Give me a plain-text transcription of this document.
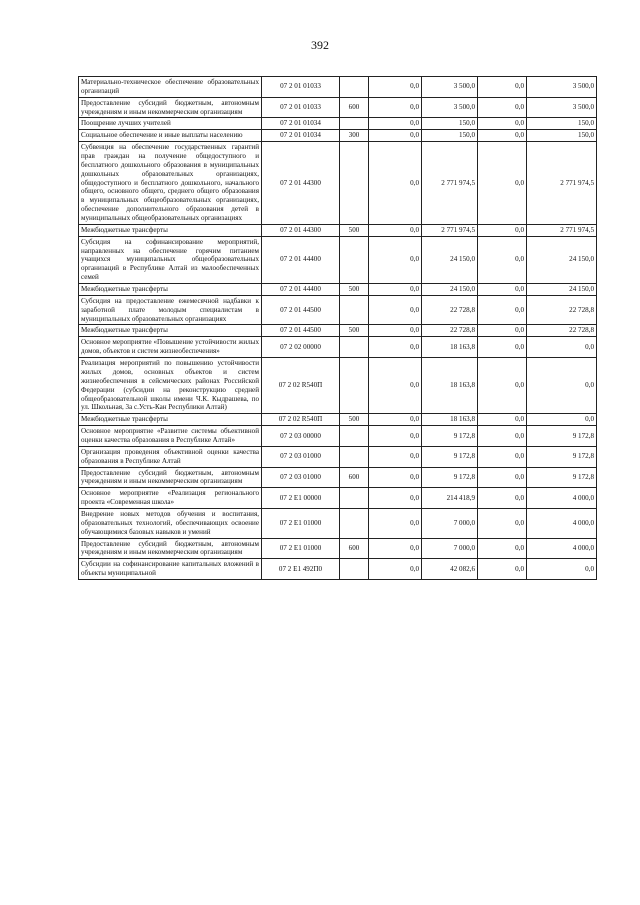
392
Материально-техническое обеспечение образовательных организаций	07 2 01 01033		0,0	3 500,0	0,0	3 500,0
Предоставление субсидий бюджетным, автономным учреждениям и иным некоммерческим организациям	07 2 01 01033	600	0,0	3 500,0	0,0	3 500,0
Поощрение лучших учителей	07 2 01 01034		0,0	150,0	0,0	150,0
Социальное обеспечение и иные выплаты населению	07 2 01 01034	300	0,0	150,0	0,0	150,0
Субвенция на обеспечение государственных гарантий прав граждан на получение общедоступного и бесплатного дошкольного образования в муниципальных дошкольных образовательных организациях, общедоступного и бесплатного дошкольного, начального общего, основного общего, среднего общего образования в муниципальных общеобразовательных организациях, обеспечение дополнительного образования детей в муниципальных общеобразовательных организациях	07 2 01 44300		0,0	2 771 974,5	0,0	2 771 974,5
Межбюджетные трансферты	07 2 01 44300	500	0,0	2 771 974,5	0,0	2 771 974,5
Субсидия на софинансирование мероприятий, направленных на обеспечение горячим питанием учащихся муниципальных общеобразовательных организаций в Республике Алтай из малообеспеченных семей	07 2 01 44400		0,0	24 150,0	0,0	24 150,0
Межбюджетные трансферты	07 2 01 44400	500	0,0	24 150,0	0,0	24 150,0
Субсидия на предоставление ежемесячной надбавки к заработной плате молодым специалистам в муниципальных образовательных организациях	07 2 01 44500		0,0	22 728,8	0,0	22 728,8
Межбюджетные трансферты	07 2 01 44500	500	0,0	22 728,8	0,0	22 728,8
Основное мероприятие «Повышение устойчивости жилых домов, объектов и систем жизнеобеспечения»	07 2 02 00000		0,0	18 163,8	0,0	0,0
Реализация мероприятий по повышению устойчивости жилых домов, основных объектов и систем жизнеобеспечения в сейсмических районах Российской Федерации (субсидии на реконструкцию средней общеобразовательной школы имени Ч.К. Кыдрашева, по ул. Школьная, 3а с.Усть-Кан Республики Алтай)	07 2 02 R540П		0,0	18 163,8	0,0	0,0
Межбюджетные трансферты	07 2 02 R540П	500	0,0	18 163,8	0,0	0,0
Основное мероприятие «Развитие системы объективной оценки качества образования в Республике Алтай»	07 2 03 00000		0,0	9 172,8	0,0	9 172,8
Организация проведения объективной оценки качества образования в Республике Алтай	07 2 03 01000		0,0	9 172,8	0,0	9 172,8
Предоставление субсидий бюджетным, автономным учреждениям и иным некоммерческим организациям	07 2 03 01000	600	0,0	9 172,8	0,0	9 172,8
Основное мероприятие «Реализация регионального проекта «Современная школа»	07 2 E1 00000		0,0	214 418,9	0,0	4 000,0
Внедрение новых методов обучения и воспитания, образовательных технологий, обеспечивающих освоение обучающимися базовых навыков и умений	07 2 E1 01000		0,0	7 000,0	0,0	4 000,0
Предоставление субсидий бюджетным, автономным учреждениям и иным некоммерческим организациям	07 2 E1 01000	600	0,0	7 000,0	0,0	4 000,0
Субсидии на софинансирование капитальных вложений в объекты муниципальной	07 2 E1 492П0		0,0	42 082,6	0,0	0,0
